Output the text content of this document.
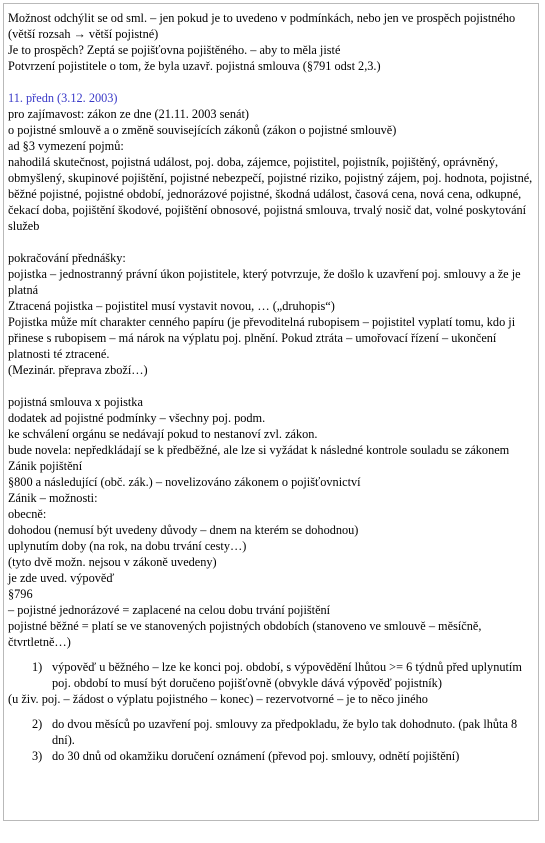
Možnost odchýlit se od sml. – jen pokud je to uvedeno v podmínkách, nebo jen ve prospěch pojistného (větší rozsah → větší pojistné)

Je to prospěch? Zeptá se pojišťovna pojištěného. – aby to měla jisté

Potvrzení pojistitele o tom, že byla uzavř. pojistná smlouva (§791 odst 2,3.)

11. předn (3.12. 2003)

pro zajímavost: zákon ze dne (21.11. 2003 senát)

o pojistné smlouvě a o změně souvisejících zákonů (zákon o pojistné smlouvě)

ad §3 vymezení pojmů:

nahodilá skutečnost, pojistná událost, poj. doba, zájemce, pojistitel, pojistník, pojištěný, oprávněný, obmyšlený, skupinové pojištění, pojistné nebezpečí, pojistné riziko, pojistný zájem, poj. hodnota, pojistné, běžné pojistné, pojistné období, jednorázové pojistné, škodná událost, časová cena, nová cena, odkupné, čekací doba, pojištění škodové, pojištění obnosové, pojistná smlouva, trvalý nosič dat, volné poskytování služeb

pokračování přednášky:

pojistka – jednostranný právní úkon pojistitele, který potvrzuje, že došlo k uzavření poj. smlouvy a že je platná

Ztracená pojistka – pojistitel musí vystavit novou, … („druhopis“)

Pojistka může mít charakter cenného papíru (je převoditelná rubopisem – pojistitel vyplatí tomu, kdo ji přinese s rubopisem – má nárok na výplatu poj. plnění. Pokud ztráta – umořovací řízení – ukončení platnosti té ztracené.

(Mezinár. přeprava zboží…)

pojistná smlouva x pojistka

dodatek ad pojistné podmínky – všechny poj. podm.

ke schválení orgánu se nedávají pokud to nestanoví zvl. zákon.

bude novela: nepředkládají se k předběžné, ale lze si vyžádat k následné kontrole souladu se zákonem

Zánik pojištění

§800 a následující (obč. zák.) – novelizováno zákonem o pojišťovnictví

Zánik – možnosti:

obecně:

dohodou (nemusí být uvedeny důvody – dnem na kterém se dohodnou)

uplynutím doby (na rok, na dobu trvání cesty…)

(tyto dvě možn. nejsou v zákoně uvedeny)

je zde uved. výpověď

§796

– pojistné jednorázové = zaplacené na celou dobu trvání pojištění

pojistné běžné = platí se ve stanovených pojistných obdobích (stanoveno ve smlouvě – měsíčně, čtvrtletně…)

1) výpověď u běžného – lze ke konci poj. období, s výpovědění lhůtou >= 6 týdnů před uplynutím poj. období to musí být doručeno pojišťovně (obvykle dává výpověď pojistník)

(u živ. poj. – žádost o výplatu pojistného – konec) – rezervotvorné – je to něco jiného

2) do dvou měsíců po uzavření poj. smlouvy za předpokladu, že bylo tak dohodnuto. (pak lhůta 8 dní).
3) do 30 dnů od okamžiku doručení oznámení (převod poj. smlouvy, odnětí pojištění)
